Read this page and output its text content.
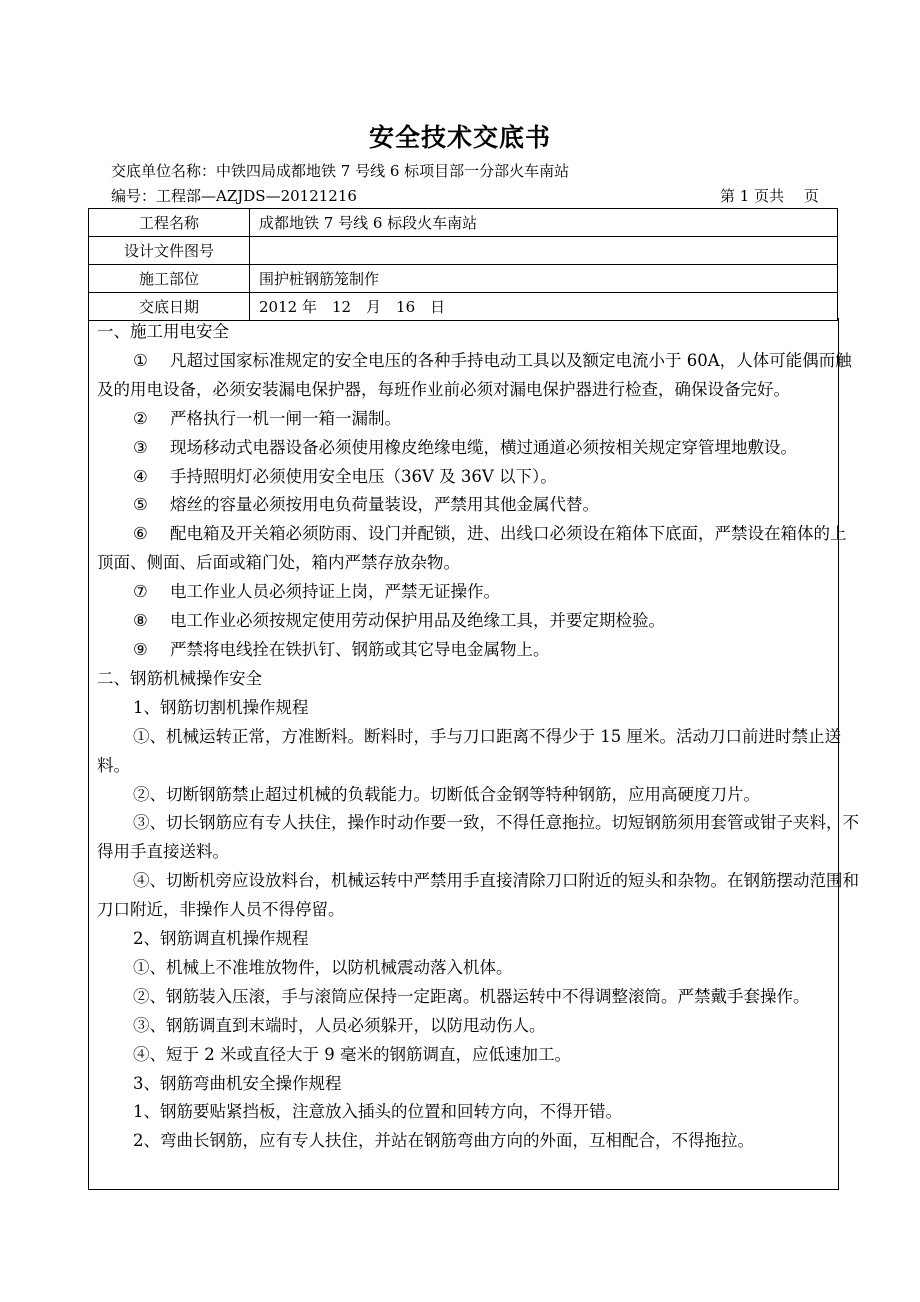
安全技术交底书
交底单位名称：中铁四局成都地铁 7 号线 6 标项目部一分部火车南站
编号：工程部—AZJDS—20121216	第 1 页共　 页
工程名称	成都地铁 7 号线 6 标段火车南站
设计文件图号	
施工部位	围护桩钢筋笼制作
交底日期	2012 年　12　月　16　日

一、施工用电安全

① 凡超过国家标准规定的安全电压的各种手持电动工具以及额定电流小于 60A，人体可能偶而触及的用电设备，必须安装漏电保护器，每班作业前必须对漏电保护器进行检查，确保设备完好。

② 严格执行一机一闸一箱一漏制。

③ 现场移动式电器设备必须使用橡皮绝缘电缆，横过通道必须按相关规定穿管埋地敷设。

④ 手持照明灯必须使用安全电压（36V 及 36V 以下）。

⑤ 熔丝的容量必须按用电负荷量装设，严禁用其他金属代替。

⑥ 配电箱及开关箱必须防雨、设门并配锁，进、出线口必须设在箱体下底面，严禁设在箱体的上顶面、侧面、后面或箱门处，箱内严禁存放杂物。

⑦ 电工作业人员必须持证上岗，严禁无证操作。

⑧ 电工作业必须按规定使用劳动保护用品及绝缘工具，并要定期检验。

⑨ 严禁将电线拴在铁扒钉、钢筋或其它导电金属物上。

二、钢筋机械操作安全

1、钢筋切割机操作规程

①、机械运转正常，方准断料。断料时，手与刀口距离不得少于 15 厘米。活动刀口前进时禁止送料。

②、切断钢筋禁止超过机械的负载能力。切断低合金钢等特种钢筋，应用高硬度刀片。

③、切长钢筋应有专人扶住，操作时动作要一致，不得任意拖拉。切短钢筋须用套管或钳子夹料，不得用手直接送料。

④、切断机旁应设放料台，机械运转中严禁用手直接清除刀口附近的短头和杂物。在钢筋摆动范围和刀口附近，非操作人员不得停留。

2、钢筋调直机操作规程

①、机械上不准堆放物件，以防机械震动落入机体。

②、钢筋装入压滚，手与滚筒应保持一定距离。机器运转中不得调整滚筒。严禁戴手套操作。

③、钢筋调直到末端时，人员必须躲开，以防甩动伤人。

④、短于 2 米或直径大于 9 毫米的钢筋调直，应低速加工。

3、钢筋弯曲机安全操作规程

1、钢筋要贴紧挡板，注意放入插头的位置和回转方向，不得开错。

2、弯曲长钢筋，应有专人扶住，并站在钢筋弯曲方向的外面，互相配合，不得拖拉。
